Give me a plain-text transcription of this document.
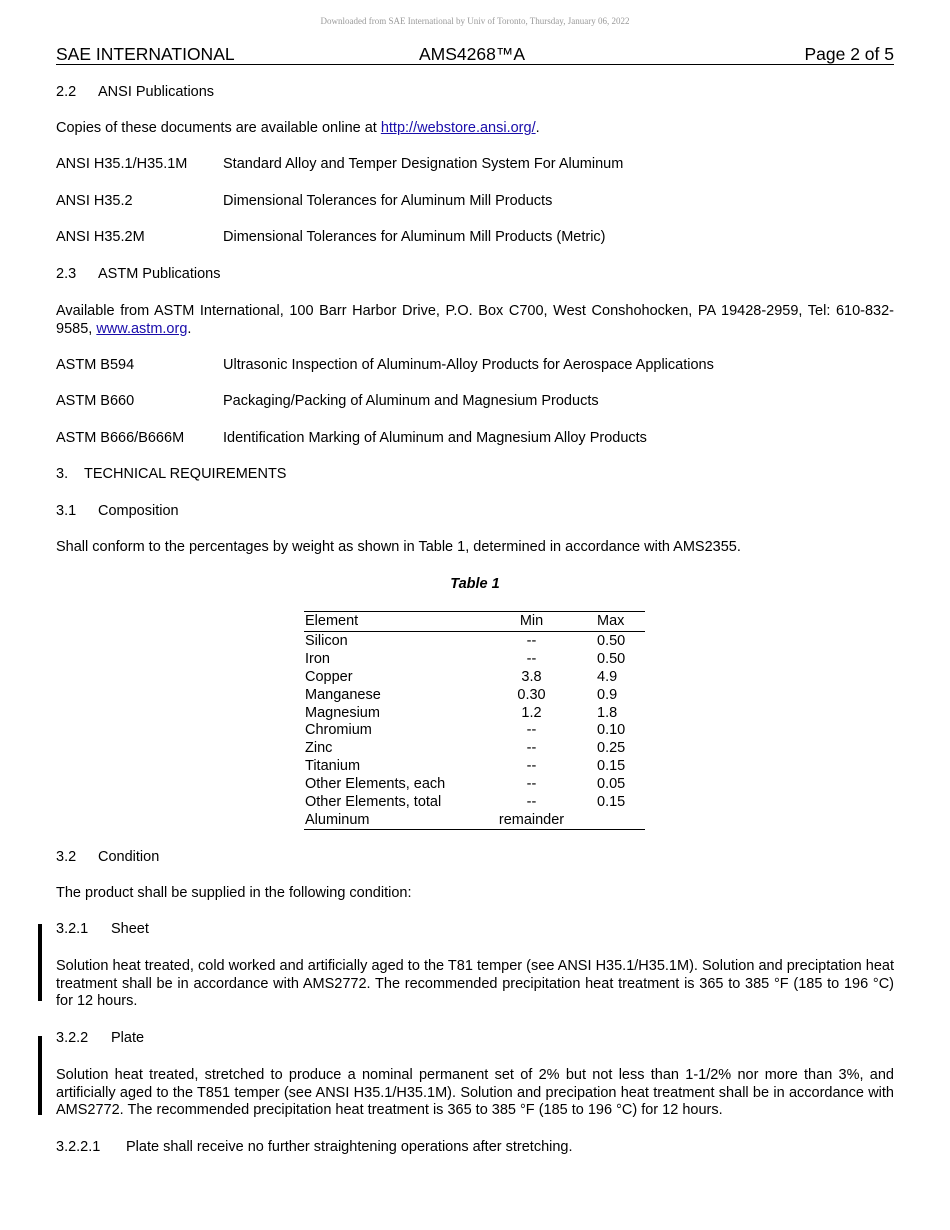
Downloaded from SAE International by Univ of Toronto, Thursday, January 06, 2022
SAE INTERNATIONAL	AMS4268™A	Page 2 of 5
2.2 ANSI Publications
Copies of these documents are available online at http://webstore.ansi.org/.
ANSI H35.1/H35.1M Standard Alloy and Temper Designation System For Aluminum
ANSI H35.2	Dimensional Tolerances for Aluminum Mill Products
ANSI H35.2M	Dimensional Tolerances for Aluminum Mill Products (Metric)
2.3 ASTM Publications
Available from ASTM International, 100 Barr Harbor Drive, P.O. Box C700, West Conshohocken, PA 19428-2959, Tel: 610-832-9585, www.astm.org.
ASTM B594	Ultrasonic Inspection of Aluminum-Alloy Products for Aerospace Applications
ASTM B660	Packaging/Packing of Aluminum and Magnesium Products
ASTM B666/B666M	Identification Marking of Aluminum and Magnesium Alloy Products
3. TECHNICAL REQUIREMENTS
3.1 Composition
Shall conform to the percentages by weight as shown in Table 1, determined in accordance with AMS2355.
Table 1
Element	Min	Max
Silicon	--	0.50
Iron	--	0.50
Copper	3.8	4.9
Manganese	0.30	0.9
Magnesium	1.2	1.8
Chromium	--	0.10
Zinc	--	0.25
Titanium	--	0.15
Other Elements, each	--	0.05
Other Elements, total	--	0.15
Aluminum	remainder
3.2 Condition
The product shall be supplied in the following condition:
3.2.1 Sheet
Solution heat treated, cold worked and artificially aged to the T81 temper (see ANSI H35.1/H35.1M). Solution and preciptation heat treatment shall be in accordance with AMS2772. The recommended precipitation heat treatment is 365 to 385 °F (185 to 196 °C) for 12 hours.
3.2.2 Plate
Solution heat treated, stretched to produce a nominal permanent set of 2% but not less than 1-1/2% nor more than 3%, and artificially aged to the T851 temper (see ANSI H35.1/H35.1M). Solution and precipation heat treatment shall be in accordance with AMS2772. The recommended precipitation heat treatment is 365 to 385 °F (185 to 196 °C) for 12 hours.
3.2.2.1 Plate shall receive no further straightening operations after stretching.
